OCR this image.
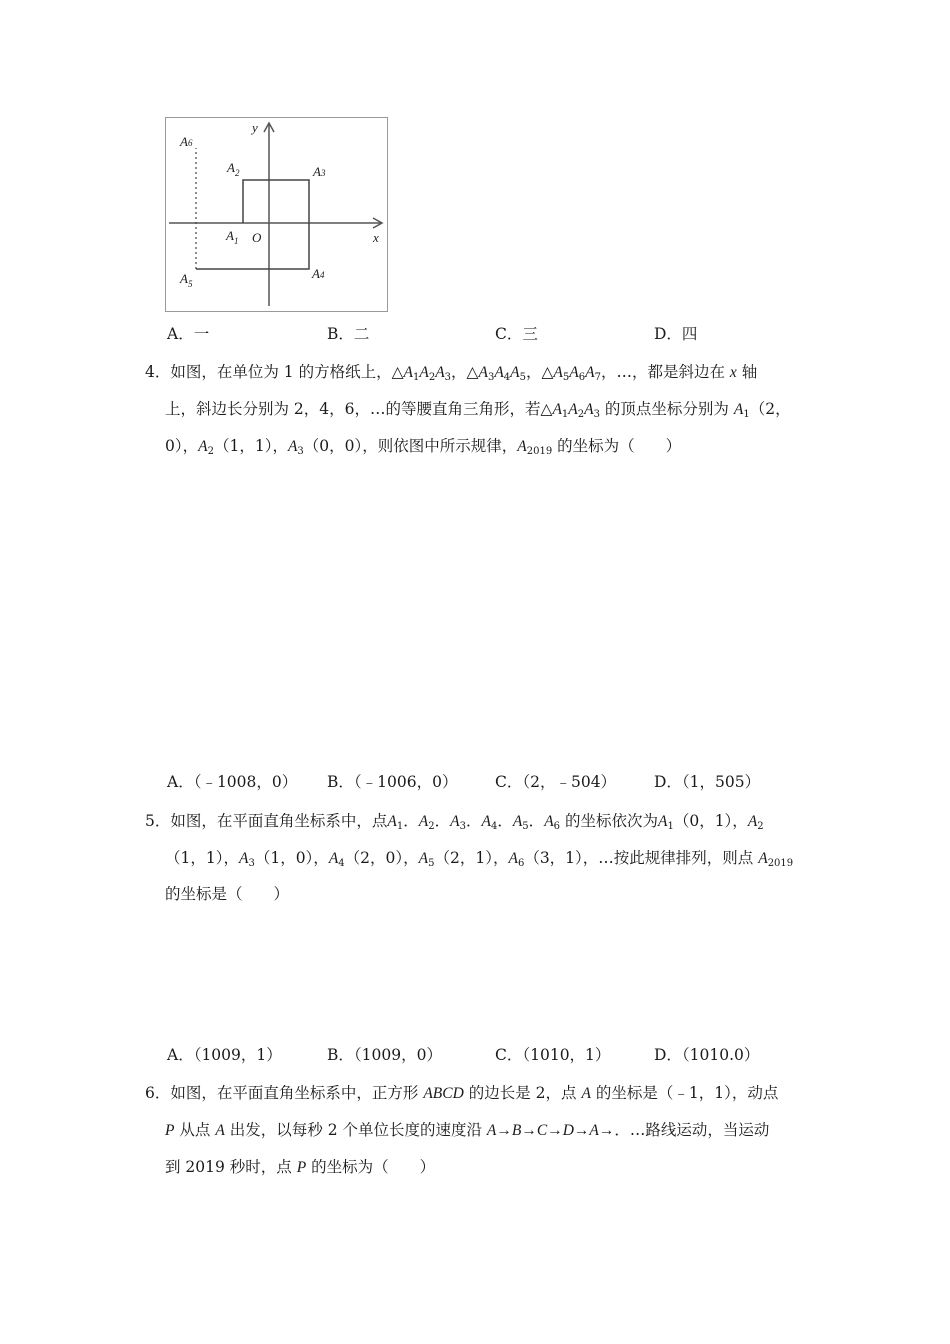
y
x
O
$A_1$
$A_2$	A3
A4
$A_5$
A6
A．一	B．二	C．三	D．四
4．如图，在单位为 1 的方格纸上，$\triangle A_1A_2A_3$，$\triangle A_3A_4A_5$，$\triangle A_5A_6A_7$，…，都是斜边在 x 轴
上，斜边长分别为 2，4，6，…的等腰直角三角形，若$\triangle A_1A_2A_3$ 的顶点坐标分别为 $A_1(2$，
0），$A_2(1$，1），$A_3(0$，0），则依图中所示规律，$A_{2019}$ 的坐标为（　　）
A．（﹣1008，0） B．（﹣1006，0） C．（2，﹣504） D．（1，505）
5．如图，在平面直角坐标系中，点$A_1$．$A_2$．$A_3$．$A_4$．$A_5$．$A_6$ 的坐标依次为$A_1(0$，1），$A_2$
（1，1），$A_3(1$，0），$A_4(2$，0），$A_5(2$，1），$A_6(3$，1），…按此规律排列，则点 $A_{2019}$
的坐标是（　　）
A．（1009，1）	B．（1009，0）	C．（1010，1）	D．（1010.0）
6．如图，在平面直角坐标系中，正方形 ABCD 的边长是 2，点 A 的坐标是（﹣1，1），动点
P 从点 A 出发，以每秒 2 个单位长度的速度沿 A→B→C→D→A→．…路线运动，当运动
到 2019 秒时，点 P 的坐标为（　　）
